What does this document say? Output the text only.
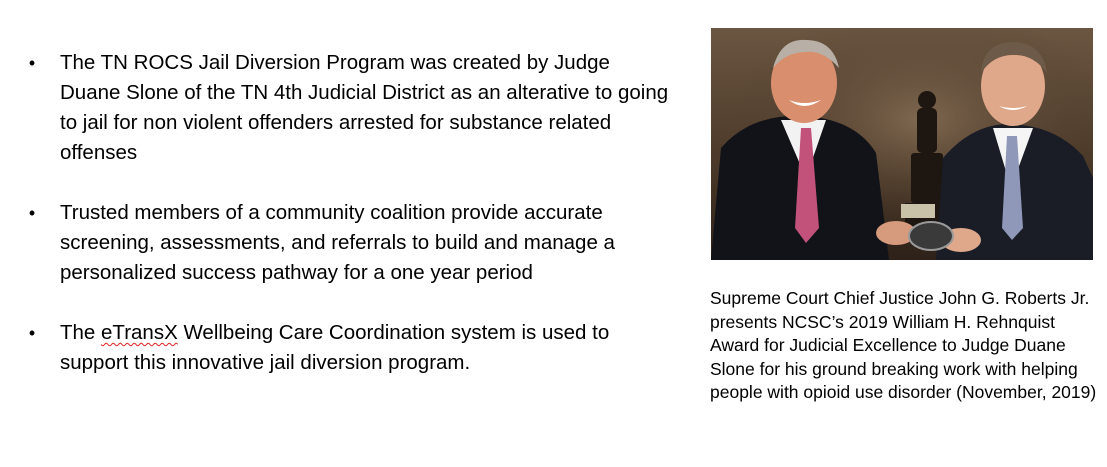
• The TN ROCS Jail Diversion Program was created by Judge Duane Slone of the TN 4th Judicial District as an alterative to going to jail for non violent offenders arrested for substance related offenses
• Trusted members of a community coalition provide accurate screening, assessments, and referrals to build and manage a personalized success pathway for a one year period
• The eTransX Wellbeing Care Coordination system is used to support this innovative jail diversion program.

Supreme Court Chief Justice John G. Roberts Jr. presents NCSC’s 2019 William H. Rehnquist Award for Judicial Excellence to Judge Duane Slone for his ground breaking work with helping people with opioid use disorder (November, 2019)
